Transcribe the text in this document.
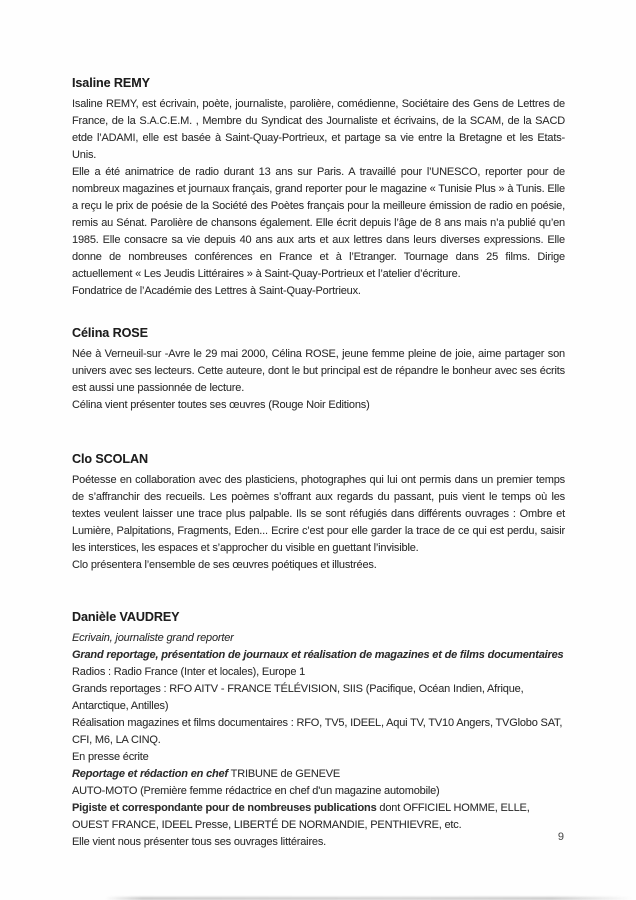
Isaline REMY

Isaline REMY, est écrivain, poète, journaliste, parolière, comédienne, Sociétaire des Gens de Lettres de France, de la S.A.C.E.M. , Membre du Syndicat des Journaliste et écrivains, de la SCAM, de la SACD etde l’ADAMI, elle est basée à Saint-Quay-Portrieux, et partage sa vie entre la Bretagne et les Etats-Unis.

Elle a été animatrice de radio durant 13 ans sur Paris. A travaillé pour l’UNESCO, reporter pour de nombreux magazines et journaux français, grand reporter pour le magazine « Tunisie Plus » à Tunis. Elle a reçu le prix de poésie de la Société des Poètes français pour la meilleure émission de radio en poésie, remis au Sénat. Parolière de chansons également. Elle écrit depuis l’âge de 8 ans mais n’a publié qu’en 1985. Elle consacre sa vie depuis 40 ans aux arts et aux lettres dans leurs diverses expressions. Elle donne de nombreuses conférences en France et à l’Etranger. Tournage dans 25 films. Dirige actuellement « Les Jeudis Littéraires » à Saint-Quay-Portrieux et l’atelier d’écriture.

Fondatrice de l’Académie des Lettres à Saint-Quay-Portrieux.

Célina ROSE

Née à Verneuil-sur -Avre le 29 mai 2000, Célina ROSE, jeune femme pleine de joie, aime partager son univers avec ses lecteurs. Cette auteure, dont le but principal est de répandre le bonheur avec ses écrits est aussi une passionnée de lecture.

Célina vient présenter toutes ses œuvres (Rouge Noir Editions)

Clo SCOLAN

Poétesse en collaboration avec des plasticiens, photographes qui lui ont permis dans un premier temps de s’affranchir des recueils. Les poèmes s’offrant aux regards du passant, puis vient le temps où les textes veulent laisser une trace plus palpable. Ils se sont réfugiés dans différents ouvrages : Ombre et Lumière, Palpitations, Fragments, Eden... Ecrire c’est pour elle garder la trace de ce qui est perdu, saisir les interstices, les espaces et s’approcher du visible en guettant l’invisible.

Clo présentera l’ensemble de ses œuvres poétiques et illustrées.

Danièle VAUDREY

Ecrivain, journaliste grand reporter

Grand reportage, présentation de journaux et réalisation de magazines et de films documentaires

Radios : Radio France (Inter et locales), Europe 1

Grands reportages : RFO AITV - FRANCE TÉLÉVISION, SIIS (Pacifique, Océan Indien, Afrique, Antarctique, Antilles)

Réalisation magazines et films documentaires : RFO, TV5, IDEEL, Aqui TV, TV10 Angers, TVGlobo SAT, CFI, M6, LA CINQ.

En presse écrite

Reportage et rédaction en chef TRIBUNE de GENEVE

AUTO-MOTO (Première femme rédactrice en chef d'un magazine automobile)

Pigiste et correspondante pour de nombreuses publications dont OFFICIEL HOMME, ELLE, OUEST FRANCE, IDEEL Presse, LIBERTÉ DE NORMANDIE, PENTHIEVRE, etc.

Elle vient nous présenter tous ses ouvrages littéraires.	9
